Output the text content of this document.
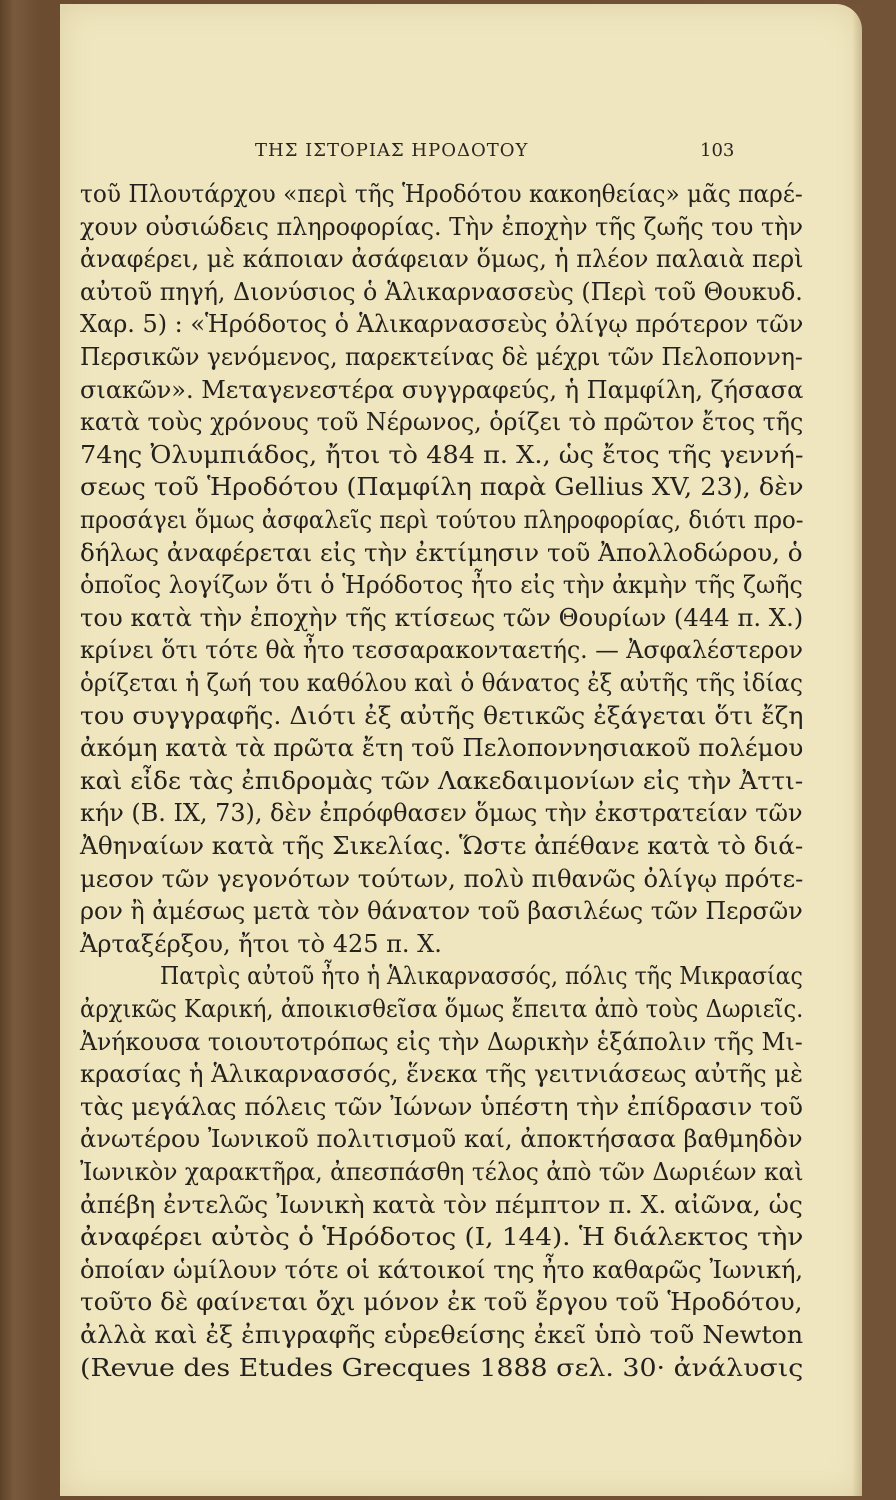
ΤΗΣ ΙΣΤΟΡΙΑΣ ΗΡΟΔΟΤΟΥ	103
τοῦ Πλουτάρχου «περὶ τῆς Ἡροδότου κακοηθείας» μᾶς παρέ-
χουν οὐσιώδεις πληροφορίας. Τὴν ἐποχὴν τῆς ζωῆς του τὴν
ἀναφέρει, μὲ κάποιαν ἀσάφειαν ὅμως, ἡ πλέον παλαιὰ περὶ
αὐτοῦ πηγή, Διονύσιος ὁ Ἁλικαρνασσεὺς (Περὶ τοῦ Θουκυδ.
Χαρ. 5) : «Ἡρόδοτος ὁ Ἁλικαρνασσεὺς ὀλίγῳ πρότερον τῶν
Περσικῶν γενόμενος, παρεκτείνας δὲ μέχρι τῶν Πελοποννη-
σιακῶν». Μεταγενεστέρα συγγραφεύς, ἡ Παμφίλη, ζήσασα
κατὰ τοὺς χρόνους τοῦ Νέρωνος, ὁρίζει τὸ πρῶτον ἔτος τῆς
74ης Ὀλυμπιάδος, ἤτοι τὸ 484 π. Χ., ὡς ἔτος τῆς γεννή-
σεως τοῦ Ἡροδότου (Παμφίλη παρὰ Gellius XV, 23), δὲν
προσάγει ὅμως ἀσφαλεῖς περὶ τούτου πληροφορίας, διότι προ-
δήλως ἀναφέρεται εἰς τὴν ἐκτίμησιν τοῦ Ἀπολλοδώρου, ὁ
ὁποῖος λογίζων ὅτι ὁ Ἡρόδοτος ἦτο εἰς τὴν ἀκμὴν τῆς ζωῆς
του κατὰ τὴν ἐποχὴν τῆς κτίσεως τῶν Θουρίων (444 π. Χ.)
κρίνει ὅτι τότε θὰ ἦτο τεσσαρακονταετής. — Ἀσφαλέστερον
ὁρίζεται ἡ ζωή του καθόλου καὶ ὁ θάνατος ἐξ αὐτῆς τῆς ἰδίας
του συγγραφῆς. Διότι ἐξ αὐτῆς θετικῶς ἐξάγεται ὅτι ἔζη
ἀκόμη κατὰ τὰ πρῶτα ἔτη τοῦ Πελοποννησιακοῦ πολέμου
καὶ εἶδε τὰς ἐπιδρομὰς τῶν Λακεδαιμονίων εἰς τὴν Ἀττι-
κήν (Β. ΙΧ, 73), δὲν ἐπρόφθασεν ὅμως τὴν ἐκστρατείαν τῶν
Ἀθηναίων κατὰ τῆς Σικελίας. Ὥστε ἀπέθανε κατὰ τὸ διά-
μεσον τῶν γεγονότων τούτων, πολὺ πιθανῶς ὀλίγῳ πρότε-
ρον ἢ ἀμέσως μετὰ τὸν θάνατον τοῦ βασιλέως τῶν Περσῶν
Ἀρταξέρξου, ἤτοι τὸ 425 π. Χ.
Πατρὶς αὐτοῦ ἦτο ἡ Ἁλικαρνασσός, πόλις τῆς Μικρασίας
ἀρχικῶς Καρική, ἀποικισθεῖσα ὅμως ἔπειτα ἀπὸ τοὺς Δωριεῖς.
Ἀνήκουσα τοιουτοτρόπως εἰς τὴν Δωρικὴν ἑξάπολιν τῆς Μι-
κρασίας ἡ Ἁλικαρνασσός, ἕνεκα τῆς γειτνιάσεως αὐτῆς μὲ
τὰς μεγάλας πόλεις τῶν Ἰώνων ὑπέστη τὴν ἐπίδρασιν τοῦ
ἀνωτέρου Ἰωνικοῦ πολιτισμοῦ καί, ἀποκτήσασα βαθμηδὸν
Ἰωνικὸν χαρακτῆρα, ἀπεσπάσθη τέλος ἀπὸ τῶν Δωριέων καὶ
ἀπέβη ἐντελῶς Ἰωνικὴ κατὰ τὸν πέμπτον π. Χ. αἰῶνα, ὡς
ἀναφέρει αὐτὸς ὁ Ἡρόδοτος (Ι, 144). Ἡ διάλεκτος τὴν
ὁποίαν ὡμίλουν τότε οἱ κάτοικοί της ἦτο καθαρῶς Ἰωνική,
τοῦτο δὲ φαίνεται ὄχι μόνον ἐκ τοῦ ἔργου τοῦ Ἡροδότου,
ἀλλὰ καὶ ἐξ ἐπιγραφῆς εὑρεθείσης ἐκεῖ ὑπὸ τοῦ Newton
(Revue des Etudes Grecques 1888 σελ. 30· ἀνάλυσις
